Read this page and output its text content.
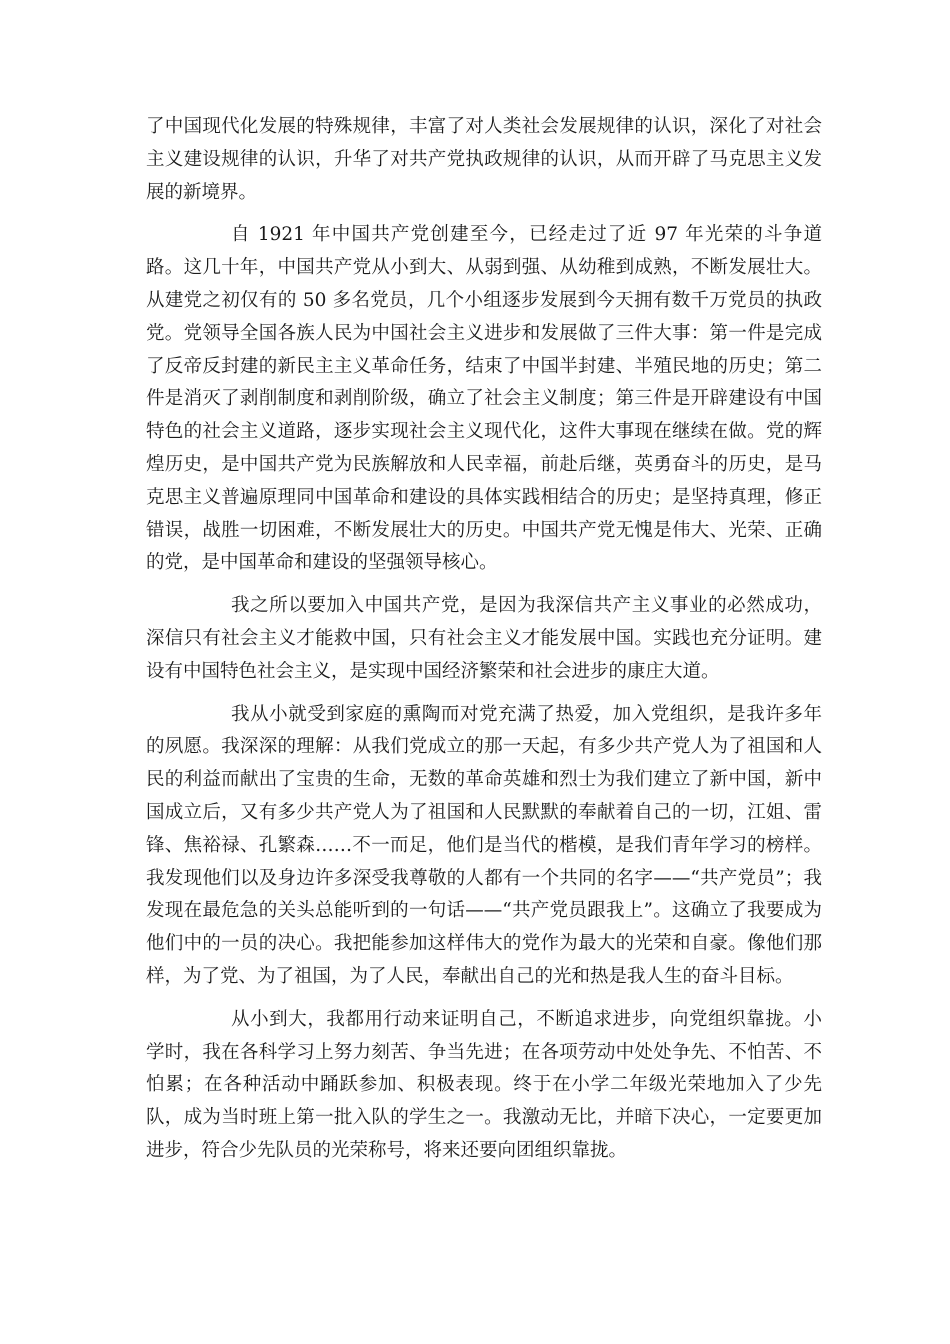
了中国现代化发展的特殊规律，丰富了对人类社会发展规律的认识，深化了对社会主义建设规律的认识，升华了对共产党执政规律的认识，从而开辟了马克思主义发展的新境界。

自 1921 年中国共产党创建至今，已经走过了近 97 年光荣的斗争道路。这几十年，中国共产党从小到大、从弱到强、从幼稚到成熟，不断发展壮大。从建党之初仅有的 50 多名党员，几个小组逐步发展到今天拥有数千万党员的执政党。党领导全国各族人民为中国社会主义进步和发展做了三件大事：第一件是完成了反帝反封建的新民主主义革命任务，结束了中国半封建、半殖民地的历史；第二件是消灭了剥削制度和剥削阶级，确立了社会主义制度；第三件是开辟建设有中国特色的社会主义道路，逐步实现社会主义现代化，这件大事现在继续在做。党的辉煌历史，是中国共产党为民族解放和人民幸福，前赴后继，英勇奋斗的历史，是马克思主义普遍原理同中国革命和建设的具体实践相结合的历史；是坚持真理，修正错误，战胜一切困难，不断发展壮大的历史。中国共产党无愧是伟大、光荣、正确的党，是中国革命和建设的坚强领导核心。

我之所以要加入中国共产党，是因为我深信共产主义事业的必然成功，深信只有社会主义才能救中国，只有社会主义才能发展中国。实践也充分证明。建设有中国特色社会主义，是实现中国经济繁荣和社会进步的康庄大道。

我从小就受到家庭的熏陶而对党充满了热爱，加入党组织，是我许多年的夙愿。我深深的理解：从我们党成立的那一天起，有多少共产党人为了祖国和人民的利益而献出了宝贵的生命，无数的革命英雄和烈士为我们建立了新中国，新中国成立后，又有多少共产党人为了祖国和人民默默的奉献着自己的一切，江姐、雷锋、焦裕禄、孔繁森……不一而足，他们是当代的楷模，是我们青年学习的榜样。我发现他们以及身边许多深受我尊敬的人都有一个共同的名字——“共产党员”；我发现在最危急的关头总能听到的一句话——“共产党员跟我上”。这确立了我要成为他们中的一员的决心。我把能参加这样伟大的党作为最大的光荣和自豪。像他们那样，为了党、为了祖国，为了人民，奉献出自己的光和热是我人生的奋斗目标。

从小到大，我都用行动来证明自己，不断追求进步，向党组织靠拢。小学时，我在各科学习上努力刻苦、争当先进；在各项劳动中处处争先、不怕苦、不怕累；在各种活动中踊跃参加、积极表现。终于在小学二年级光荣地加入了少先队，成为当时班上第一批入队的学生之一。我激动无比，并暗下决心，一定要更加进步，符合少先队员的光荣称号，将来还要向团组织靠拢。
